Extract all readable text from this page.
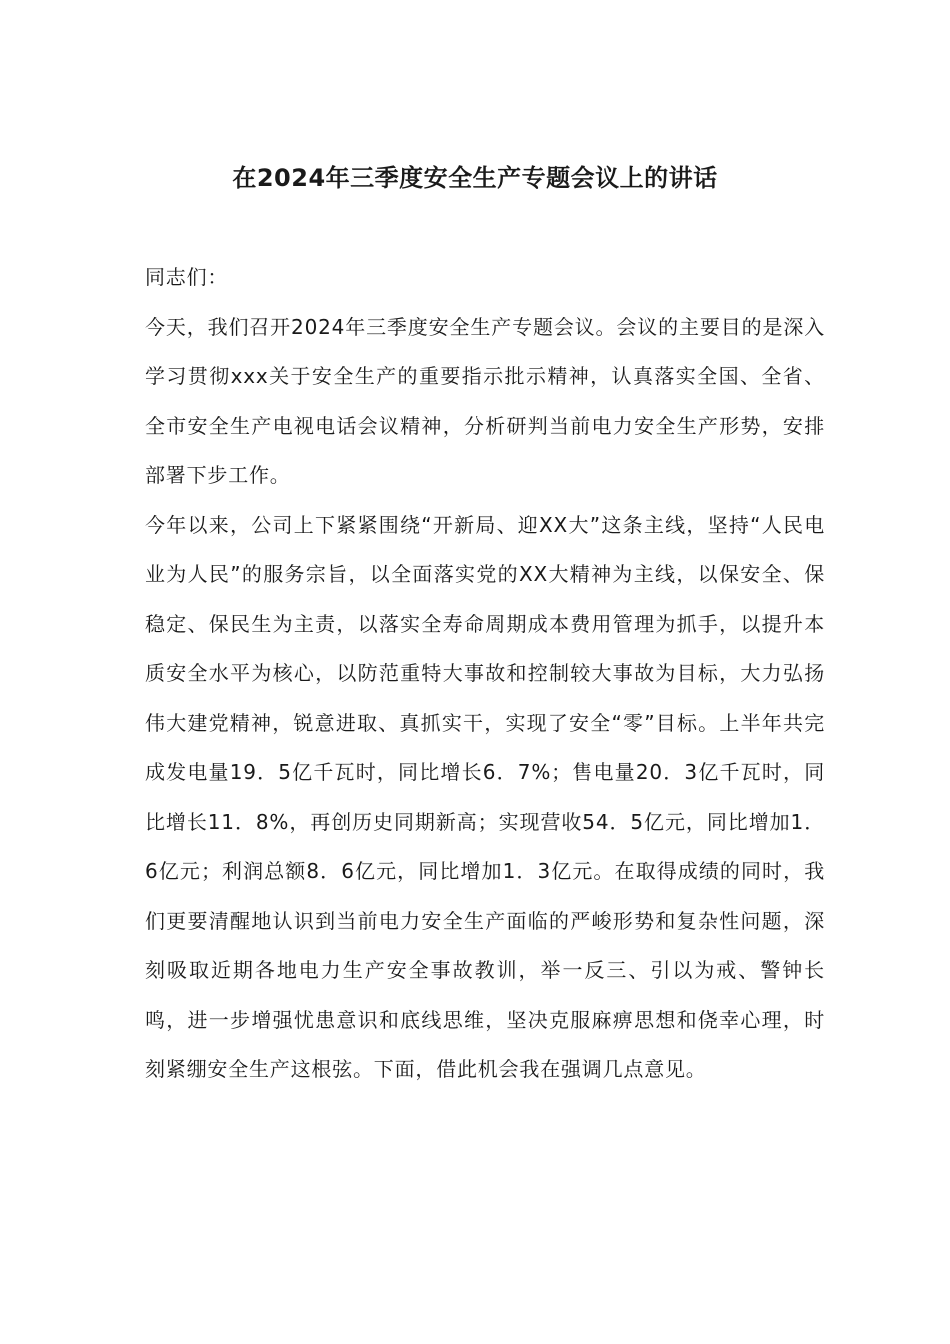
在2024年三季度安全生产专题会议上的讲话

同志们：

今天，我们召开2024年三季度安全生产专题会议。会议的主要目的是深入学习贯彻xxx关于安全生产的重要指示批示精神，认真落实全国、全省、全市安全生产电视电话会议精神，分析研判当前电力安全生产形势，安排部署下步工作。

今年以来，公司上下紧紧围绕“开新局、迎XX大”这条主线，坚持“人民电业为人民”的服务宗旨，以全面落实党的XX大精神为主线，以保安全、保稳定、保民生为主责，以落实全寿命周期成本费用管理为抓手，以提升本质安全水平为核心，以防范重特大事故和控制较大事故为目标，大力弘扬伟大建党精神，锐意进取、真抓实干，实现了安全“零”目标。上半年共完成发电量19．5亿千瓦时，同比增长6．7%；售电量20．3亿千瓦时，同比增长11．8%，再创历史同期新高；实现营收54．5亿元，同比增加1．6亿元；利润总额8．6亿元，同比增加1．3亿元。在取得成绩的同时，我们更要清醒地认识到当前电力安全生产面临的严峻形势和复杂性问题，深刻吸取近期各地电力生产安全事故教训，举一反三、引以为戒、警钟长鸣，进一步增强忧患意识和底线思维，坚决克服麻痹思想和侥幸心理，时刻紧绷安全生产这根弦。下面，借此机会我在强调几点意见。
